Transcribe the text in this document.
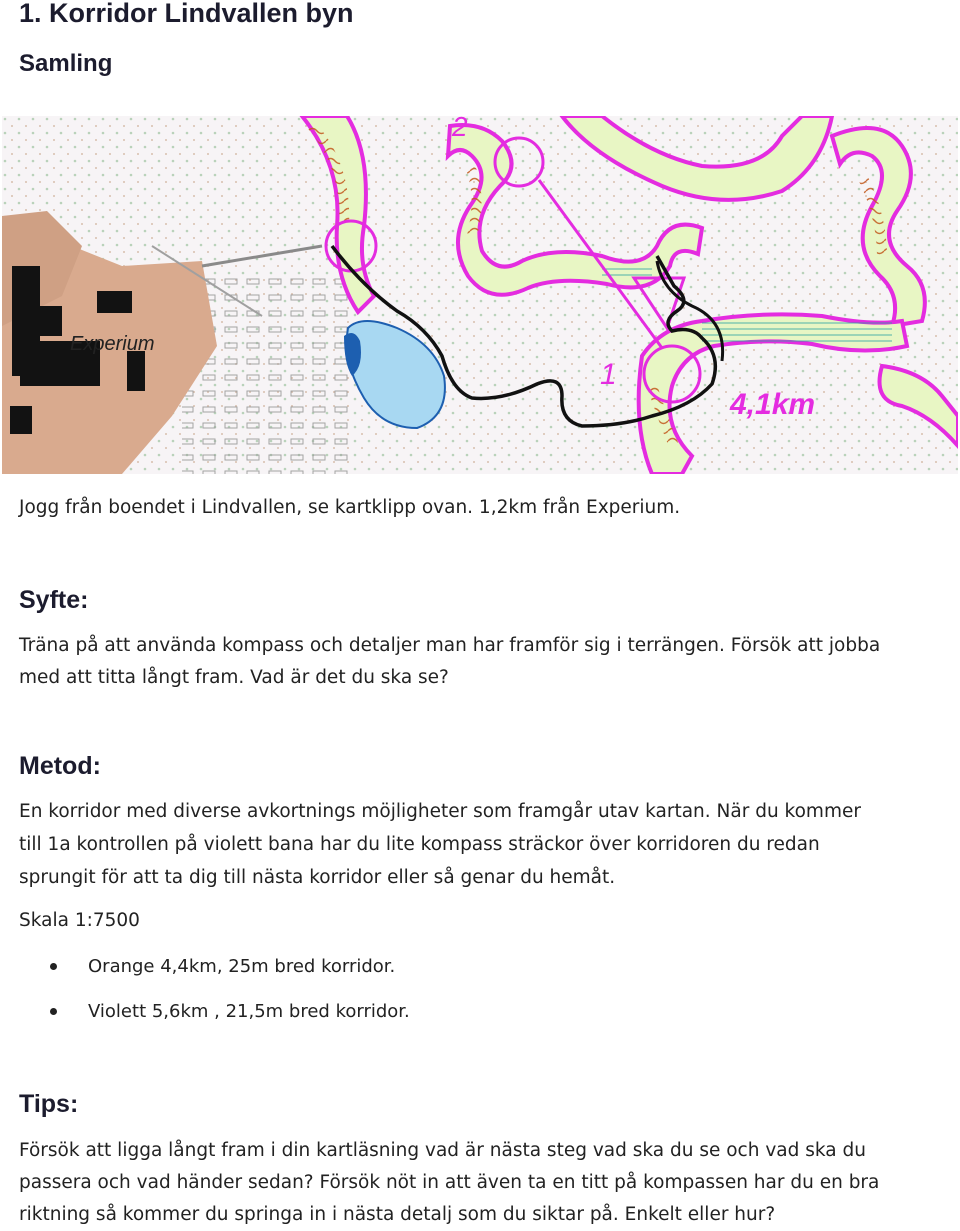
1. Korridor Lindvallen byn
Samling
Experium
2
1
4,1km

Jogg från boendet i Lindvallen, se kartklipp ovan. 1,2km från Experium.

Syfte:

Träna på att använda kompass och detaljer man har framför sig i terrängen. Försök att jobba

med att titta långt fram. Vad är det du ska se?

Metod:

En korridor med diverse avkortnings möjligheter som framgår utav kartan. När du kommer

till 1a kontrollen på violett bana har du lite kompass sträckor över korridoren du redan

sprungit för att ta dig till nästa korridor eller så genar du hemåt.

Skala 1:7500

Orange 4,4km, 25m bred korridor.
Violett 5,6km , 21,5m bred korridor.
Tips:

Försök att ligga långt fram i din kartläsning vad är nästa steg vad ska du se och vad ska du

passera och vad händer sedan? Försök nöt in att även ta en titt på kompassen har du en bra

riktning så kommer du springa in i nästa detalj som du siktar på. Enkelt eller hur?
